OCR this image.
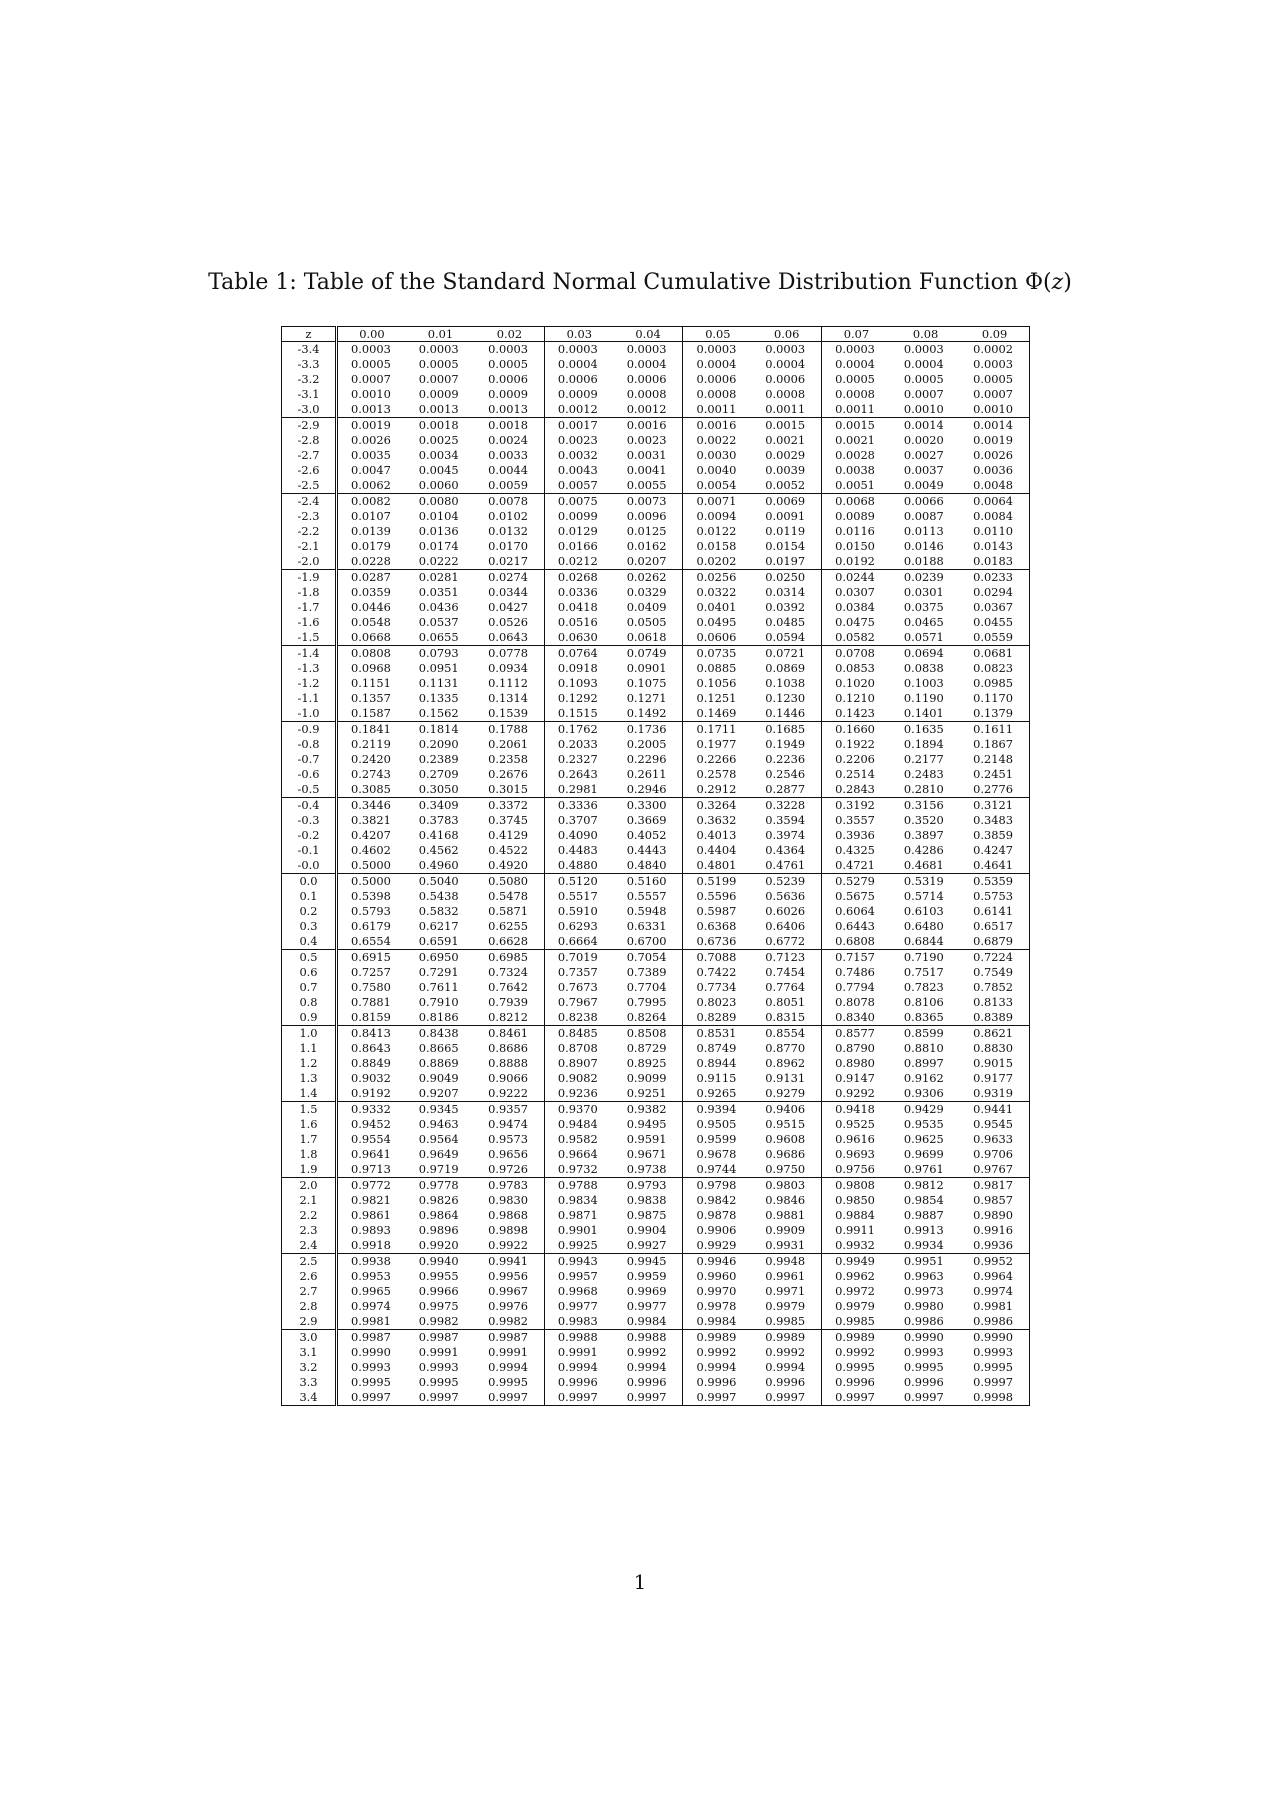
Table 1: Table of the Standard Normal Cumulative Distribution Function Φ(z)
z	0.00	0.01	0.02	0.03	0.04	0.05	0.06	0.07	0.08	0.09
-3.4	0.0003	0.0003	0.0003	0.0003	0.0003	0.0003	0.0003	0.0003	0.0003	0.0002
-3.3	0.0005	0.0005	0.0005	0.0004	0.0004	0.0004	0.0004	0.0004	0.0004	0.0003
-3.2	0.0007	0.0007	0.0006	0.0006	0.0006	0.0006	0.0006	0.0005	0.0005	0.0005
-3.1	0.0010	0.0009	0.0009	0.0009	0.0008	0.0008	0.0008	0.0008	0.0007	0.0007
-3.0	0.0013	0.0013	0.0013	0.0012	0.0012	0.0011	0.0011	0.0011	0.0010	0.0010
-2.9	0.0019	0.0018	0.0018	0.0017	0.0016	0.0016	0.0015	0.0015	0.0014	0.0014
-2.8	0.0026	0.0025	0.0024	0.0023	0.0023	0.0022	0.0021	0.0021	0.0020	0.0019
-2.7	0.0035	0.0034	0.0033	0.0032	0.0031	0.0030	0.0029	0.0028	0.0027	0.0026
-2.6	0.0047	0.0045	0.0044	0.0043	0.0041	0.0040	0.0039	0.0038	0.0037	0.0036
-2.5	0.0062	0.0060	0.0059	0.0057	0.0055	0.0054	0.0052	0.0051	0.0049	0.0048
-2.4	0.0082	0.0080	0.0078	0.0075	0.0073	0.0071	0.0069	0.0068	0.0066	0.0064
-2.3	0.0107	0.0104	0.0102	0.0099	0.0096	0.0094	0.0091	0.0089	0.0087	0.0084
-2.2	0.0139	0.0136	0.0132	0.0129	0.0125	0.0122	0.0119	0.0116	0.0113	0.0110
-2.1	0.0179	0.0174	0.0170	0.0166	0.0162	0.0158	0.0154	0.0150	0.0146	0.0143
-2.0	0.0228	0.0222	0.0217	0.0212	0.0207	0.0202	0.0197	0.0192	0.0188	0.0183
-1.9	0.0287	0.0281	0.0274	0.0268	0.0262	0.0256	0.0250	0.0244	0.0239	0.0233
-1.8	0.0359	0.0351	0.0344	0.0336	0.0329	0.0322	0.0314	0.0307	0.0301	0.0294
-1.7	0.0446	0.0436	0.0427	0.0418	0.0409	0.0401	0.0392	0.0384	0.0375	0.0367
-1.6	0.0548	0.0537	0.0526	0.0516	0.0505	0.0495	0.0485	0.0475	0.0465	0.0455
-1.5	0.0668	0.0655	0.0643	0.0630	0.0618	0.0606	0.0594	0.0582	0.0571	0.0559
-1.4	0.0808	0.0793	0.0778	0.0764	0.0749	0.0735	0.0721	0.0708	0.0694	0.0681
-1.3	0.0968	0.0951	0.0934	0.0918	0.0901	0.0885	0.0869	0.0853	0.0838	0.0823
-1.2	0.1151	0.1131	0.1112	0.1093	0.1075	0.1056	0.1038	0.1020	0.1003	0.0985
-1.1	0.1357	0.1335	0.1314	0.1292	0.1271	0.1251	0.1230	0.1210	0.1190	0.1170
-1.0	0.1587	0.1562	0.1539	0.1515	0.1492	0.1469	0.1446	0.1423	0.1401	0.1379
-0.9	0.1841	0.1814	0.1788	0.1762	0.1736	0.1711	0.1685	0.1660	0.1635	0.1611
-0.8	0.2119	0.2090	0.2061	0.2033	0.2005	0.1977	0.1949	0.1922	0.1894	0.1867
-0.7	0.2420	0.2389	0.2358	0.2327	0.2296	0.2266	0.2236	0.2206	0.2177	0.2148
-0.6	0.2743	0.2709	0.2676	0.2643	0.2611	0.2578	0.2546	0.2514	0.2483	0.2451
-0.5	0.3085	0.3050	0.3015	0.2981	0.2946	0.2912	0.2877	0.2843	0.2810	0.2776
-0.4	0.3446	0.3409	0.3372	0.3336	0.3300	0.3264	0.3228	0.3192	0.3156	0.3121
-0.3	0.3821	0.3783	0.3745	0.3707	0.3669	0.3632	0.3594	0.3557	0.3520	0.3483
-0.2	0.4207	0.4168	0.4129	0.4090	0.4052	0.4013	0.3974	0.3936	0.3897	0.3859
-0.1	0.4602	0.4562	0.4522	0.4483	0.4443	0.4404	0.4364	0.4325	0.4286	0.4247
-0.0	0.5000	0.4960	0.4920	0.4880	0.4840	0.4801	0.4761	0.4721	0.4681	0.4641
0.0	0.5000	0.5040	0.5080	0.5120	0.5160	0.5199	0.5239	0.5279	0.5319	0.5359
0.1	0.5398	0.5438	0.5478	0.5517	0.5557	0.5596	0.5636	0.5675	0.5714	0.5753
0.2	0.5793	0.5832	0.5871	0.5910	0.5948	0.5987	0.6026	0.6064	0.6103	0.6141
0.3	0.6179	0.6217	0.6255	0.6293	0.6331	0.6368	0.6406	0.6443	0.6480	0.6517
0.4	0.6554	0.6591	0.6628	0.6664	0.6700	0.6736	0.6772	0.6808	0.6844	0.6879
0.5	0.6915	0.6950	0.6985	0.7019	0.7054	0.7088	0.7123	0.7157	0.7190	0.7224
0.6	0.7257	0.7291	0.7324	0.7357	0.7389	0.7422	0.7454	0.7486	0.7517	0.7549
0.7	0.7580	0.7611	0.7642	0.7673	0.7704	0.7734	0.7764	0.7794	0.7823	0.7852
0.8	0.7881	0.7910	0.7939	0.7967	0.7995	0.8023	0.8051	0.8078	0.8106	0.8133
0.9	0.8159	0.8186	0.8212	0.8238	0.8264	0.8289	0.8315	0.8340	0.8365	0.8389
1.0	0.8413	0.8438	0.8461	0.8485	0.8508	0.8531	0.8554	0.8577	0.8599	0.8621
1.1	0.8643	0.8665	0.8686	0.8708	0.8729	0.8749	0.8770	0.8790	0.8810	0.8830
1.2	0.8849	0.8869	0.8888	0.8907	0.8925	0.8944	0.8962	0.8980	0.8997	0.9015
1.3	0.9032	0.9049	0.9066	0.9082	0.9099	0.9115	0.9131	0.9147	0.9162	0.9177
1.4	0.9192	0.9207	0.9222	0.9236	0.9251	0.9265	0.9279	0.9292	0.9306	0.9319
1.5	0.9332	0.9345	0.9357	0.9370	0.9382	0.9394	0.9406	0.9418	0.9429	0.9441
1.6	0.9452	0.9463	0.9474	0.9484	0.9495	0.9505	0.9515	0.9525	0.9535	0.9545
1.7	0.9554	0.9564	0.9573	0.9582	0.9591	0.9599	0.9608	0.9616	0.9625	0.9633
1.8	0.9641	0.9649	0.9656	0.9664	0.9671	0.9678	0.9686	0.9693	0.9699	0.9706
1.9	0.9713	0.9719	0.9726	0.9732	0.9738	0.9744	0.9750	0.9756	0.9761	0.9767
2.0	0.9772	0.9778	0.9783	0.9788	0.9793	0.9798	0.9803	0.9808	0.9812	0.9817
2.1	0.9821	0.9826	0.9830	0.9834	0.9838	0.9842	0.9846	0.9850	0.9854	0.9857
2.2	0.9861	0.9864	0.9868	0.9871	0.9875	0.9878	0.9881	0.9884	0.9887	0.9890
2.3	0.9893	0.9896	0.9898	0.9901	0.9904	0.9906	0.9909	0.9911	0.9913	0.9916
2.4	0.9918	0.9920	0.9922	0.9925	0.9927	0.9929	0.9931	0.9932	0.9934	0.9936
2.5	0.9938	0.9940	0.9941	0.9943	0.9945	0.9946	0.9948	0.9949	0.9951	0.9952
2.6	0.9953	0.9955	0.9956	0.9957	0.9959	0.9960	0.9961	0.9962	0.9963	0.9964
2.7	0.9965	0.9966	0.9967	0.9968	0.9969	0.9970	0.9971	0.9972	0.9973	0.9974
2.8	0.9974	0.9975	0.9976	0.9977	0.9977	0.9978	0.9979	0.9979	0.9980	0.9981
2.9	0.9981	0.9982	0.9982	0.9983	0.9984	0.9984	0.9985	0.9985	0.9986	0.9986
3.0	0.9987	0.9987	0.9987	0.9988	0.9988	0.9989	0.9989	0.9989	0.9990	0.9990
3.1	0.9990	0.9991	0.9991	0.9991	0.9992	0.9992	0.9992	0.9992	0.9993	0.9993
3.2	0.9993	0.9993	0.9994	0.9994	0.9994	0.9994	0.9994	0.9995	0.9995	0.9995
3.3	0.9995	0.9995	0.9995	0.9996	0.9996	0.9996	0.9996	0.9996	0.9996	0.9997
3.4	0.9997	0.9997	0.9997	0.9997	0.9997	0.9997	0.9997	0.9997	0.9997	0.9998
1
